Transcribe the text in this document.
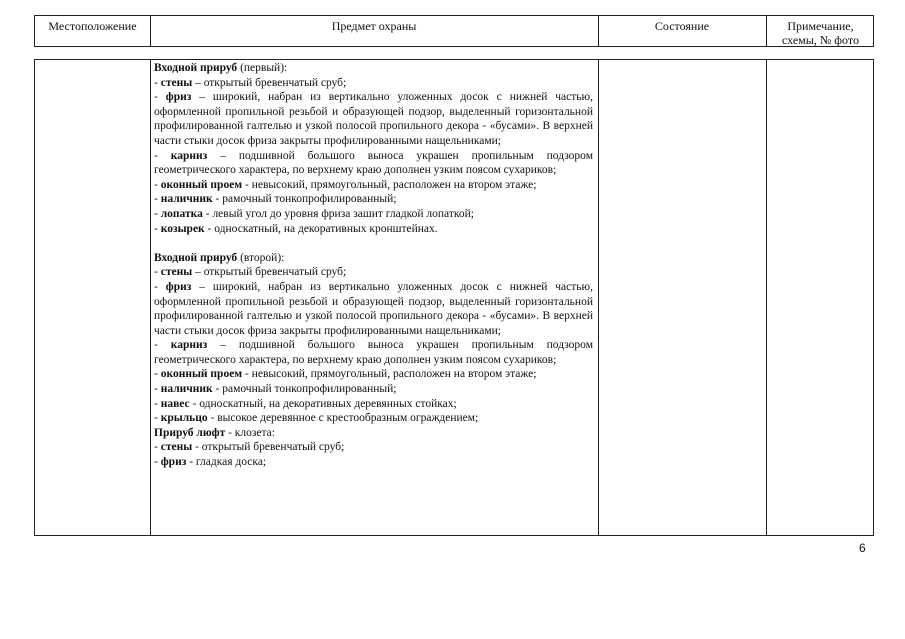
Местоположение	Предмет охраны	Состояние	Примечание,
схемы, № фото

Входной прируб (первый):

- стены – открытый бревенчатый сруб;

- фриз – широкий, набран из вертикально уложенных досок с нижней частью, оформленной пропильной резьбой и образующей подзор, выделенный горизонтальной профилированной галтелью и узкой полосой пропильного декора - «бусами». В верхней части стыки досок фриза закрыты профилированными нащельниками;

- карниз – подшивной большого выноса украшен пропильным подзором геометрического характера, по верхнему краю дополнен узким поясом сухариков;

- оконный проем - невысокий, прямоугольный, расположен на втором этаже;

- наличник - рамочный тонкопрофилированный;

- лопатка - левый угол до уровня фриза зашит гладкой лопаткой;

- козырек - односкатный, на декоративных кронштейнах.

Входной прируб (второй):

- стены – открытый бревенчатый сруб;

- фриз – широкий, набран из вертикально уложенных досок с нижней частью, оформленной пропильной резьбой и образующей подзор, выделенный горизонтальной профилированной галтелью и узкой полосой пропильного декора - «бусами». В верхней части стыки досок фриза закрыты профилированными нащельниками;

- карниз – подшивной большого выноса украшен пропильным подзором геометрического характера, по верхнему краю дополнен узким поясом сухариков;

- оконный проем - невысокий, прямоугольный, расположен на втором этаже;

- наличник - рамочный тонкопрофилированный;

- навес - односкатный, на декоративных деревянных стойках;

- крыльцо - высокое деревянное с крестообразным ограждением;

Прируб люфт - клозета:

- стены - открытый бревенчатый сруб;

- фриз - гладкая доска;

6
